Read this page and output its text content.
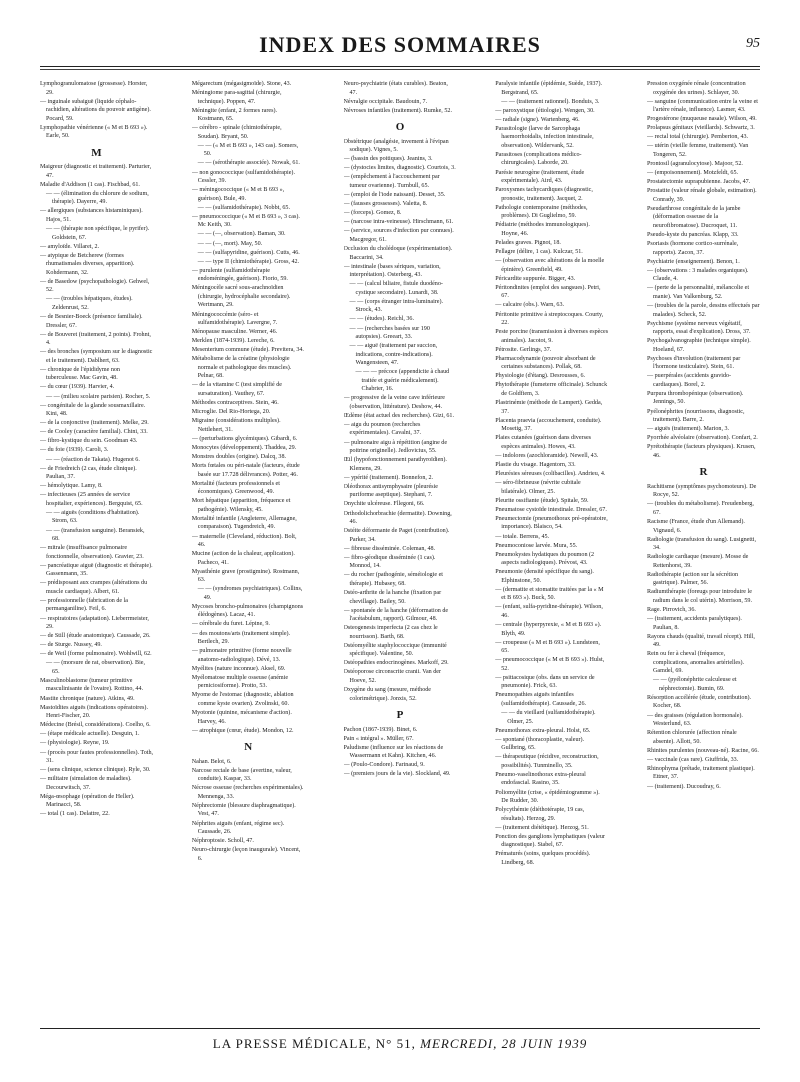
INDEX DES SOMMAIRES	95

Lymphogranulomatose (grossesse). Horster, 29.

— inguinale subaiguë (liquide céphalo-rachidien, altérations du pouvoir antigène). Pocard, 59.

Lymphopathie vénérienne (« M et B 693 »). Earle, 50.

M

Maigreur (diagnostic et traitement). Parturier, 47.

Maladie d'Addison (1 cas). Fischbad, 61.

— — (élimination du chlorure de sodium, thérapie). Dayerre, 49.

— allergiques (substances histaminiques). Hajos, 51.

— — (thérapie non spécifique, le pyrifer). Goldstein, 67.

— amyloïde. Villaret, 2.

— atypique de Betcherew (formes rhumatismales diverses, apparition). Kohdermann, 32.

— de Basedow (psychopathologie). Gehwel, 52.

— — (troubles hépatiques, études). Zeldenrust, 52.

— de Besnier-Boeck (présence familiale). Dressler, 67.

— de Bouveret (traitement, 2 points). Frohnt, 4.

— des bronches (symposium sur le diagnostic et le traitement). Dablhert, 63.

— chronique de l'épididyme non tuberculeuse. Mac Gavin, 48.

— du cœur (1939). Harvier, 4.

— — (milieu scolaire parisien). Rocher, 5.

— congénitale de la glande sousmaxillaire. Kini, 48.

— de la conjonctive (traitement). Melke, 29.

— de Cooley (caractère familial). Chini, 33.

— fibro-kystique du sein. Goodman 43.

— du foie (1939). Caroli, 3.

— — (réaction de Takata). Hugenot 6.

— de Friedreich (2 cas, étude clinique). Paulian, 37.

— hémolytique. Lamy, 8.

— infectieuses (25 années de service hospitalier, expériences). Bergquist, 65.

— — aiguës (conditions d'habitation). Strom, 63.

— — (transfusion sanguine). Beransiek, 68.

— mitrale (insuffisance pulmonaire fonctionnelle, observation). Gravier, 23.

— pancréatique aiguë (diagnostic et thérapie). Gassenmann, 35.

— prédisposant aux crampes (altérations du muscle cardiaque). Albert, 61.

— professionnelle (fabrication de la permanganiline). Feil, 6.

— respiratoires (adaptation). Lieberrmeister, 29.

— de Still (étude anatomique). Caussade, 26.

— de Sturge. Nussey, 49.

— de Weil (forme pulmonaire). Wohlwill, 62.

— — (morsure de rat, observation). Bie, 65.

Masculinoblastome (tumeur primitive masculinisante de l'ovaire). Rottino, 44.

Mastite chronique (nature). Atkins, 49.

Mastoïdites aiguës (indications opératoires). Henri-Fischer, 20.

Médecine (Brésil, considérations). Coelho, 6.

— (étape médicale actuelle). Desguin, 1.

— (physiologie). Reyne, 19.

— (procès pour fautes professionnelles). Toth, 31.

— (sens clinique, science clinique). Ryle, 30.

— militaire (simulation de maladies). Decourwitsch, 37.

Méga-œsophage (opération de Heller). Marinacci, 58.

— total (1 cas). Delattre, 22.

Mégarectum (mégasigmoïde). Stone, 43.

Méningiome para-sagittal (chirurgie, technique). Poppen, 47.

Méningite (enfant, 2 formes rares). Kostmann, 65.

— cérébro - spinale (chimiothérapie, Soudan). Bryant, 50.

— — (« M et B 693 », 143 cas). Somers, 50.

— — (sérothérapie associée). Nowak, 61.

— non gonococcique (sulfamidothérapie). Cessler, 39.

— méningococcique (« M et B 693 », guérison). Bule, 49.

— — (sulfamidothérapie). Nobbt, 65.

— pneumococcique (« M et B 693 », 3 cas). Mc Keith, 30.

— — (—, observation). Baman, 30.

— — (—, mort). May, 50.

— — (sulfapyridine, guérison). Cutts, 46.

— — type II (chimiothérapie). Gross, 42.

— purulente (sulfamidothérapie endoméningée, guérison). Fiorio, 59.

Méningocèle sacré sous-arachnoïdien (chirurgie, hydrocéphalie secondaire). Wertmann, 29.

Méningococcémie (séro- et sulfamidothérapie). Lavergne, 7.

Ménopause masculine. Werner, 46.

Merklen (1874-1939). Lereche, 6.

Mesenterium commune (étude). Previtera, 34.

Métabolisme de la créatine (physiologie normale et pathologique des muscles). Pelnar, 68.

— de la vitamine C (test simplifié de sursaturation). Vauthey, 67.

Méthodes contraceptives. Stein, 46.

Microglie. Del Rio-Hortega, 20.

Migraine (considérations multiples). Nettlehert, 31.

— (perturbations glycémiques). Gibardi, 6.

Monocytes (développement). Thaddea, 29.

Monstres doubles (origine). Dalcq, 38.

Morts fœtales ou péri-natale (facteurs, étude basée sur 17.728 délivrances). Potter, 46.

Mortalité (facteurs professionnels et économiques). Greenwood, 49.

Mort hépatique (apparition, fréquence et pathogénie). Wilensky, 45.

Mortalité infantile (Angleterre, Allemagne, comparaison). Tugendreich, 49.

— maternelle (Cleveland, réduction). Bolt, 46.

Mucine (action de la chaleur, application). Pacheco, 41.

Myasthénie grave (prostigmine). Rostmann, 63.

— — (syndromes psychiatriques). Collins, 49.

Mycoses broncho-pulmonaires (champignons élédogènes). Lacaz, 41.

— cérébrale du furet. Lépine, 9.

— des moutons/arts (traitement simple). Bertlech, 29.

— pulmonaire primitive (forme nouvelle anatomo-radiologique). Dévé, 13.

Myélites (nature inconnue). Aksel, 69.

Myélomatose multiple osseuse (anémie perniciosiforme). Protto, 53.

Myome de l'estomac (diagnostic, ablation comme kyste ovarien). Zvolinski, 60.

Myotonie (quinine, mécanisme d'action). Harvey, 46.

— atrophique (cœur, étude). Mondon, 12.

N

Nahan. Belot, 6.

Narcose rectale de base (avertine, valeur, conduite). Kaspar, 33.

Nécrose osseuse (recherches expérimentales). Mennenga, 33.

Néphrectomie (blessure diaphragmatique). Vest, 47.

Néphrites aiguës (enfant, régime sec). Caussade, 26.

Néphroptosie. Scholl, 47.

Neuro-chirurgie (leçon inaugurale). Vincent, 6.

Neuro-psychiatrie (états curables). Beaton, 47.

Névralgie occipitale. Baudouin, 7.

Névroses infantiles (traitement). Rumke, 52.

O

Obstétrique (analgésie, invement à l'évipan sodique). Vignes, 5.

— (bassin des poitiques). Jeanins, 3.

— (dystocies limites, diagnostic). Courtois, 3.

— (empêchement à l'accouchement par tumeur ovarienne). Turnbull, 65.

— (emploi de l'iode naissant). Desset, 35.

— (fausses grossesses). Valetta, 8.

— (forceps). Gomez, 8.

— (narcose intra-veineuse). Hirschmann, 61.

— (service, sources d'infection pur connues). Macgregor, 61.

Occlusion du cholédoque (expérimentation). Baccarini, 34.

— intestinale (bases sériques, variation, interprétation). Osterberg, 43.

— — (calcul biliaire, fistule duodéno-cystique secondaire). Lunardi, 38.

— — (corps étranger intra-luminaire). Strock, 43.

— — (études). Reichl, 36.

— — (recherches basées sur 190 autopsies). Greeart, 33.

— — aiguë (traitement par succion, indications, contre-indications). Wangensteen, 47.

— — — précoce (appendicite à chaud traitée et guérie médicalement). Chabrier, 16.

— progressive de la veine cave inférieure (observation, littérature). Deshow, 44.

Œdème (état actuel des recherches). Gizi, 61.

— aigu du poumon (recherches expérimentales). Cavalni, 37.

— pulmonaire aigu à répétition (angine de poitrine originelle). Jedlovicius, 55.

Œil (hypofonctionnement parathyroïdien). Klemens, 29.

— ypérité (traitement). Bonnefon, 2.

Oléothorax antisymphysaire (pleurésie puriforme aseptique). Stephani, 7.

Onychite ulcéreuse. Fllegoni, 66.

Orthodolichorbrachie (dermatite). Downing, 46.

Ostéite déformante de Paget (contribution). Parker, 34.

— fibreuse disséminée. Coleman, 48.

— fibro-géodique disséminée (1 cas). Monnod, 14.

— du rocher (pathogénie, séméiologie et thérapie). Hubasey, 68.

Ostéo-arthrite de la hanche (fixation par chevillage). Bailey, 50.

— spontanée de la hanche (déformation de l'acétabulum, rapport). Gilmour, 48.

Osteogenesis imperfecta (2 cas chez le nourrisson). Barth, 68.

Ostéomyélite staphylococcique (immunité spécifique). Valentine, 50.

Ostéopathies endocrinogènes. Markoff, 29.

Ostéoporose circonscrite cranii. Van der Hoeve, 52.

Oxygène du sang (mesure, méthode colorimétrique). Jonxis, 52.

P

Pachon (1867-1939). Binet, 6.

Pain « intégral ». Müller, 67.

Paludisme (influence sur les réactions de Wassermann et Kahn). Kitchen, 46.

— (Poulo-Condore). Farinaud, 9.

— (premiers jours de la vie). Slockland, 49.

Paralysie infantile (épidémie, Suède, 1937). Bergstrand, 65.

— — (traitement rationnel). Bonduis, 3.

— paroxystique (étiologie). Wengen, 30.

— radiale (signe). Wartenberg, 46.

Parasitologie (larve de Sarcophaga haemorrhoidalis, infection intestinale, observation). Wildervank, 52.

Parasitoses (complications médico-chirurgicales). Laborde, 20.

Parésie neurogène (traitement, étude expérimentale). Aird, 43.

Paroxysmes tachycardiques (diagnostic, pronostic, traitement). Jacquet, 2.

Pathologie contemporaine (méthodes, problèmes). Di Guglielmo, 59.

Pédiatrie (méthodes immunologiques). Hoyne, 46.

Pelades graves. Pignot, 18.

Pellagre (délire, 1 cas). Kulczar, 51.

— (observation avec altérations de la moelle épinière). Greenfield, 49.

Péricardite suppurée. Bigger, 43.

Péritondinites (emploi des sangsues). Petri, 67.

— calcaire (obs.). Warn, 63.

Péritonite primitive à streptocoques. Courty, 22.

Peste porcine (transmission à diverses espèces animales). Jacotot, 9.

Pétrosite. Gerlings, 37.

Pharmacodynamie (pouvoir absorbant de certaines substances). Pollak, 68.

Physiologie (d'étang). Desrousses, 6.

Phytothérapie (fumeterre officinale). Schunck de Goldfiem, 3.

Plastrinémie (méthode de Lampert). Gedda, 37.

Placenta praevia (accouchement, conduite). Mosetig, 37.

Plaies cutanées (guérison dans diverses espèces animales). Howes, 43.

— indolores (azochloramide). Newell, 43.

Plastie du visage. Hagentorn, 33.

Pleurésies séreuses (colibacilles). Andrieu, 4.

— séro-fibrineuse (névrite cubitale bilatérale). Olmer, 25.

Pleurite ossifiante (étude). Spitale, 59.

Pneumatose cystoïde intestinale. Dressler, 67.

Pneumectomie (pneumothorax pré-opératoire, importance). Blaisco, 54.

— totale. Berrens, 45.

Pneumoconiose larvée. Mura, 55.

Pneumokystes hydatiques du poumon (2 aspects radiologiques). Prévost, 43.

Pneumonie (densité spécifique du sang). Elphinstone, 50.

— (dermatite et stomatite traitées par la « M et B 693 »). Buck, 50.

— (enfant, sulfa-pyridine-thérapie). Wilson, 46.

— centrale (hyperpyrexie, « M et B 693 »). Blyth, 49.

— croupeuse (« M et B 693 »). Lundsteen, 65.

— pneumococcique (« M et B 693 »). Hulst, 52.

— psittacosique (obs. dans un service de pneumonie). Frick, 63.

Pneumopathies aiguës infantiles (sulfamidothérapie). Caussade, 26.

— — du vieillard (sulfamidothérapie). Olmer, 25.

Pneumothorax extra-pleural. Holst, 65.

— spontané (thoracoplastie, valeur). Gullbring, 65.

— thérapeutique (récidive, reconstruction, possibilités). Tunminello, 35.

Pneumo-vaselinothorax extra-pleural endofascial. Rasino, 35.

Poliomyélite (crise, « épidémiogramme »). De Rudder, 30.

Polycythémie (diéthotérapie, 19 cas, résultats). Herzog, 29.

— (traitement diététique). Herzog, 51.

Ponction des ganglions lymphatiques (valeur diagnostique). Stabel, 67.

Prématurés (soins, quelques procédés). Lindberg, 68.

Pression oxygénée rénale (concentration oxygénée des urines). Schlayer, 30.

— sanguine (communication entre la veine et l'artère rénale, influence). Lasmer, 43.

Progestérone (muqueuse nasale). Wilson, 49.

Prolapsus génitaux (vieillards). Schwartz, 3.

— rectal total (chirurgie). Pemberton, 43.

— utérin (vieille femme, traitement). Van Tongeren, 52.

Prontosil (agranulocytose). Majoor, 52.

— (empoisonnement). Motzfeldt, 65.

Prostatectomie suprapubienne. Jacobs, 47.

Prostatite (valeur rénale globale, estimation). Conrady, 39.

Pseudarthrose congénitale de la jambe (déformation osseuse de la neurofibromatose). Ducroquet, 11.

Pseudo-kyste du pancréas. Klapp, 33.

Psoriasis (hormone cortico-surrénale, rapports). Zacon, 37.

Psychiatrie (enseignement). Benon, 1.

— (observations : 3 malades organiques). Claude, 4.

— (perte de la personnalité, mélancolie et manie). Van Valkenburg, 52.

— (troubles de la parole, dessins effectués par malades). Scheck, 52.

Psychisme (système nerveux végétatif, rapports, essai d'explication). Dross, 37.

Psychogalvanographie (technique simple). Hoeland, 67.

Psychoses d'involution (traitement par l'hormone testiculaire). Stein, 61.

— puerpérales (accidents gravido-cardiaques). Borel, 2.

Purpura thrombopénique (observation). Jennings, 50.

Pyélonéphrites (nourrissons, diagnostic, traitement). Barre, 2.

— aiguës (traitement). Marion, 3.

Pyorrhée alvéolaire (observation). Confart, 2.

Pyrétothérapie (facteurs physiques). Krusen, 46.

R

Rachitisme (symptômes psychomoteurs). De Rocye, 52.

— (troubles du métabolisme). Freudenberg, 67.

Racisme (France, étude d'un Allemand). Vignaud, 6.

Radiologie (transfusion du sang). Lusignetti, 34.

Radiologie cardiaque (mesure). Mosse de Rettenhorst, 39.

Radiothérapie (action sur la sécrétion gastrique). Palmer, 56.

Radiumthérapie (foreugs pour introduire le radium dans le col utérin). Morrison, 59.

Rage. Pirrovich, 36.

— (traitement, accidents paralytiques). Paulian, 8.

Rayons chauds (qualité, travail récept). Hill, 49.

Rein ou fer à cheval (fréquence, complications, anomalies artérielles). Gamdel, 69.

— — (pyélonéphrite calculeuse et néphrectomie). Bumin, 69.

Résorption accélérée (étude, contribution). Kocher, 68.

— des graisses (régulation hormonale). Westerlund, 63.

Rétention chlorurée (affection rénale absente). Allott, 50.

Rhinites purulentes (nouveau-né). Racine, 66.

— vaccinale (cas rare). Giuffrida, 33.

Rhinophyma (prêtade, traitement plastique). Ettner, 37.

— (traitement). Ducoudray, 6.

LA PRESSE MÉDICALE, N° 51, MERCREDI, 28 JUIN 1939
